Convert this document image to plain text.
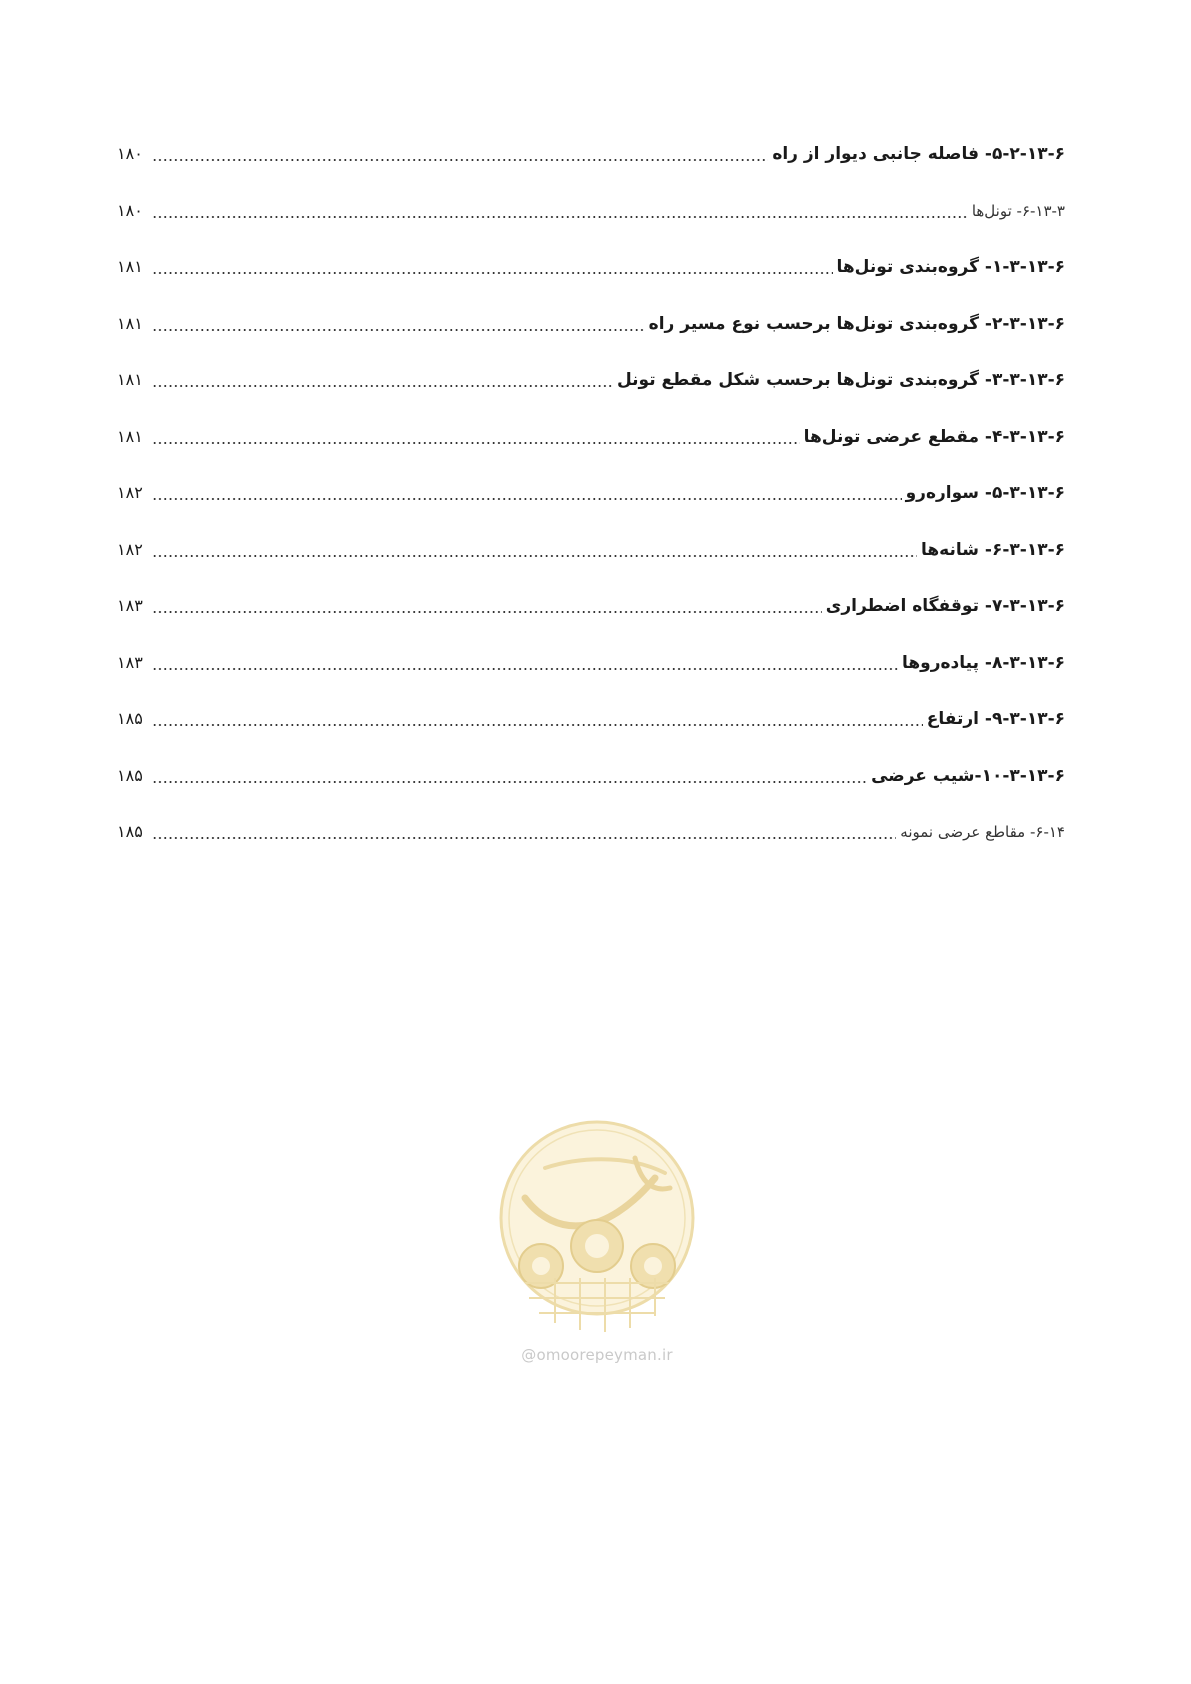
۵-۲-۱۳-۶- فاصله جانبی دیوار از راه
۱۸۰
۶-۱۳-۳- تونل‌ها
۱۸۰
۱-۳-۱۳-۶- گروه‌بندی تونل‌ها
۱۸۱
۲-۳-۱۳-۶- گروه‌بندی تونل‌ها برحسب نوع مسیر راه
۱۸۱
۳-۳-۱۳-۶- گروه‌بندی تونل‌ها برحسب شکل مقطع تونل
۱۸۱
۴-۳-۱۳-۶- مقطع عرضی تونل‌ها
۱۸۱
۵-۳-۱۳-۶- سواره‌رو
۱۸۲
۶-۳-۱۳-۶- شانه‌ها
۱۸۲
۷-۳-۱۳-۶- توقفگاه اضطراری
۱۸۳
۸-۳-۱۳-۶- پیاده‌روها
۱۸۳
۹-۳-۱۳-۶- ارتفاع
۱۸۵
۱۰-۳-۱۳-۶-شیب عرضی
۱۸۵
۶-۱۴- مقاطع عرضی نمونه
۱۸۵
@omoorepeyman.ir
